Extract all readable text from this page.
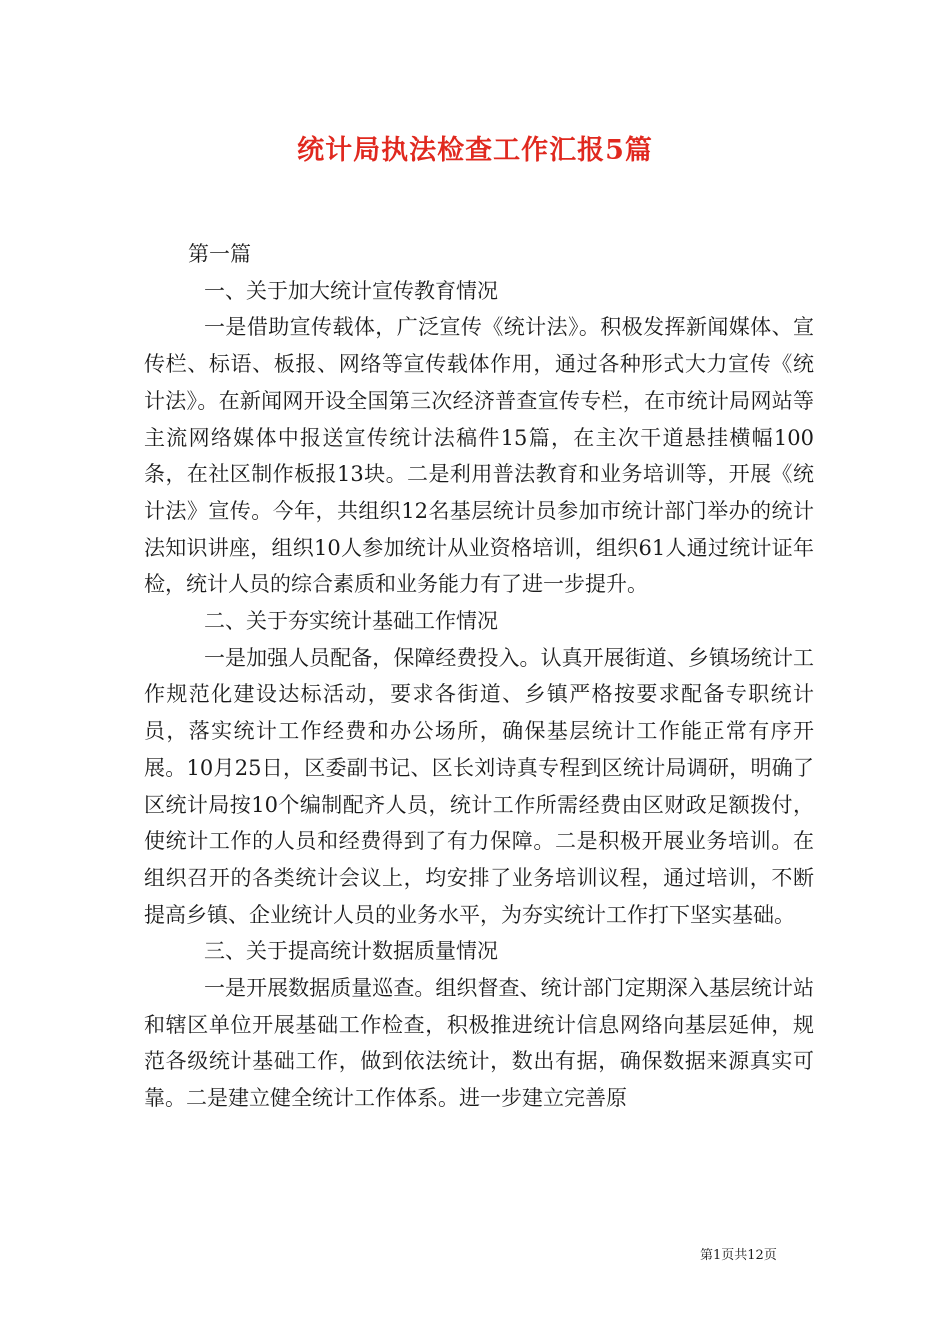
统计局执法检查工作汇报5篇

第一篇

一、关于加大统计宣传教育情况

一是借助宣传载体，广泛宣传《统计法》。积极发挥新闻媒体、宣传栏、标语、板报、网络等宣传载体作用，通过各种形式大力宣传《统计法》。在新闻网开设全国第三次经济普查宣传专栏，在市统计局网站等主流网络媒体中报送宣传统计法稿件15篇，在主次干道悬挂横幅100条，在社区制作板报13块。二是利用普法教育和业务培训等，开展《统计法》宣传。今年，共组织12名基层统计员参加市统计部门举办的统计法知识讲座，组织10人参加统计从业资格培训，组织61人通过统计证年检，统计人员的综合素质和业务能力有了进一步提升。

二、关于夯实统计基础工作情况

一是加强人员配备，保障经费投入。认真开展街道、乡镇场统计工作规范化建设达标活动，要求各街道、乡镇严格按要求配备专职统计员，落实统计工作经费和办公场所，确保基层统计工作能正常有序开展。10月25日，区委副书记、区长刘诗真专程到区统计局调研，明确了区统计局按10个编制配齐人员，统计工作所需经费由区财政足额拨付，使统计工作的人员和经费得到了有力保障。二是积极开展业务培训。在组织召开的各类统计会议上，均安排了业务培训议程，通过培训，不断提高乡镇、企业统计人员的业务水平，为夯实统计工作打下坚实基础。

三、关于提高统计数据质量情况

一是开展数据质量巡查。组织督查、统计部门定期深入基层统计站和辖区单位开展基础工作检查，积极推进统计信息网络向基层延伸，规范各级统计基础工作，做到依法统计，数出有据，确保数据来源真实可靠。二是建立健全统计工作体系。进一步建立完善原

第1页共12页
